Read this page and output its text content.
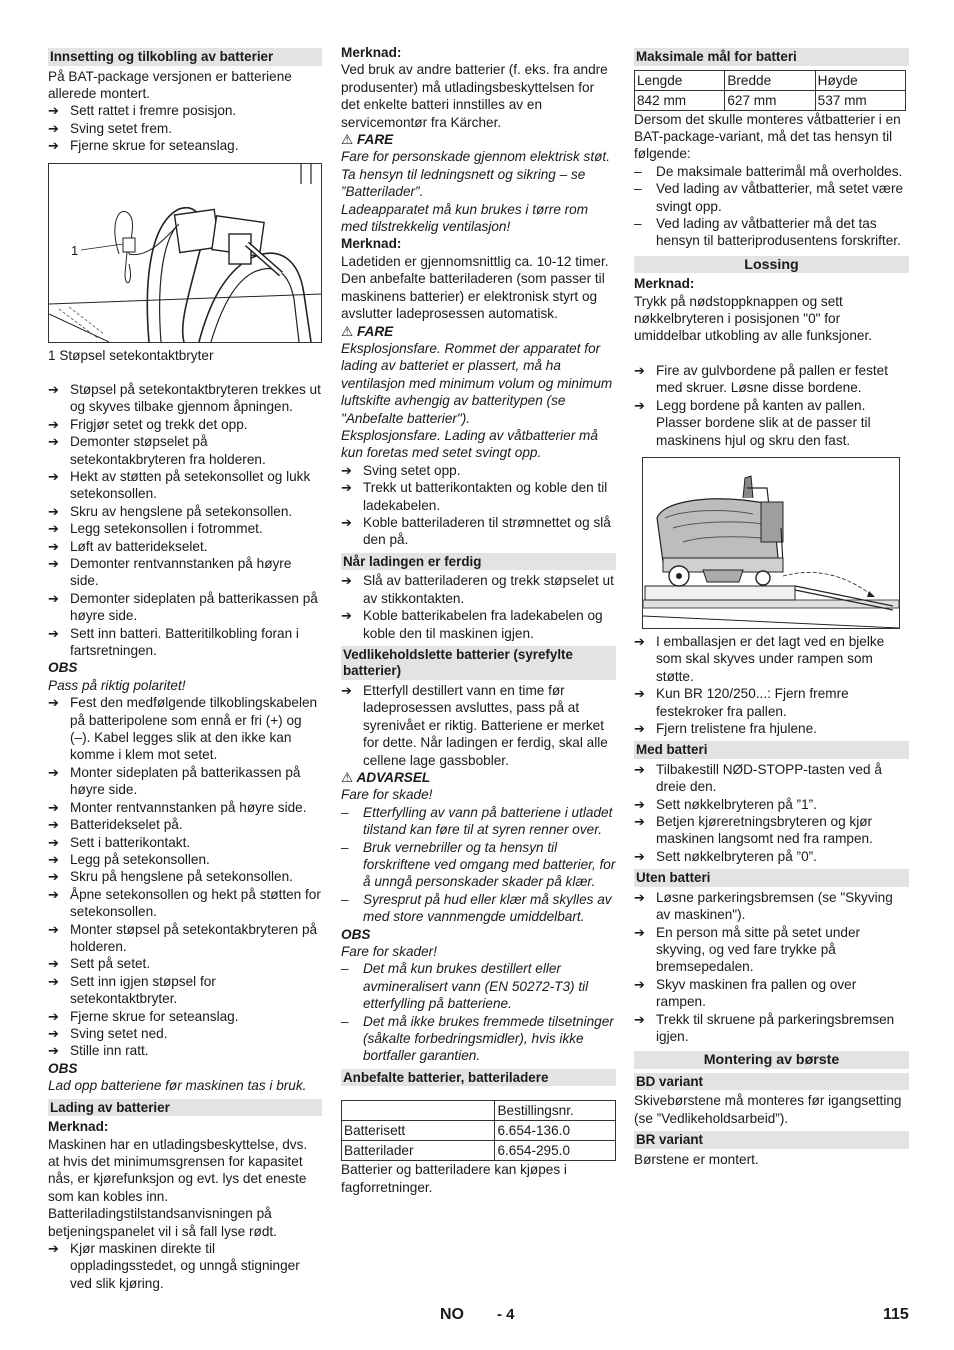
Innsetting og tilkobling av batterier

På BAT-package versjonen er batteriene allerede montert.

➔ Sett rattet i fremre posisjon.
➔ Sving setet frem.
➔ Fjerne skrue for seteanslag.
1

1 Støpsel setekontaktbryter

➔ Støpsel på setekontaktbryteren trekkes ut og skyves tilbake gjennom åpningen.
➔ Frigjør setet og trekk det opp.
➔ Demonter støpselet på setekontakbryteren fra holderen.
➔ Hekt av støtten på setekonsollet og lukk setekonsollen.
➔ Skru av hengslene på setekonsollen.
➔ Legg setekonsollen i fotrommet.
➔ Løft av batteridekselet.
➔ Demonter rentvannstanken på høyre side.
➔ Demonter sideplaten på batterikassen på høyre side.
➔ Sett inn batteri. Batteritilkobling foran i fartsretningen.
OBS

Pass på riktig polaritet!

➔ Fest den medfølgende tilkoblingskabelen på batteripolene som ennå er fri (+) og (–). Kabel legges slik at den ikke kan komme i klem mot setet.
➔ Monter sideplaten på batterikassen på høyre side.
➔ Monter rentvannstanken på høyre side.
➔ Batteridekselet på.
➔ Sett i batterikontakt.
➔ Legg på setekonsollen.
➔ Skru på hengslene på setekonsollen.
➔ Åpne setekonsollen og hekt på støtten for setekonsollen.
➔ Monter støpsel på setekontakbryteren på holderen.
➔ Sett på setet.
➔ Sett inn igjen støpsel for setekontaktbryter.
➔ Fjerne skrue for seteanslag.
➔ Sving setet ned.
➔ Stille inn ratt.
OBS

Lad opp batteriene før maskinen tas i bruk.

Lading av batterier
Merknad:

Maskinen har en utladingsbeskyttelse, dvs. at hvis det minimumsgrensen for kapasitet nås, er kjørefunksjon og evt. lys det eneste som kan kobles inn. Batteriladingstilstandsanvisningen på betjeningspanelet vil i så fall lyse rødt.

➔ Kjør maskinen direkte til oppladingsstedet, og unngå stigninger ved slik kjøring.
Merknad:

Ved bruk av andre batterier (f. eks. fra andre produsenter) må utladingsbeskyttelsen for det enkelte batteri innstilles av en servicemontør fra Kärcher.

⚠ FARE

Fare for personskade gjennom elektrisk støt. Ta hensyn til ledningsnett og sikring – se ”Batterilader”.

Ladeapparatet må kun brukes i tørre rom med tilstrekkelig ventilasjon!

Merknad:

Ladetiden er gjennomsnittlig ca. 10-12 timer.

Den anbefalte batteriladeren (som passer til maskinens batterier) er elektronisk styrt og avslutter ladeprosessen automatisk.

⚠ FARE

Eksplosjonsfare. Rommet der apparatet for lading av batteriet er plassert, må ha ventilasjon med minimum volum og minimum luftskifte avhengig av batteritypen (se "Anbefalte batterier").

Eksplosjonsfare. Lading av våtbatterier må kun foretas med setet svingt opp.

➔ Sving setet opp.
➔ Trekk ut batterikontakten og koble den til ladekabelen.
➔ Koble batteriladeren til strømnettet og slå den på.
Når ladingen er ferdig
➔ Slå av batteriladeren og trekk støpselet ut av stikkontakten.
➔ Koble batterikabelen fra ladekabelen og koble den til maskinen igjen.
Vedlikeholdslette batterier (syrefylte batterier)
➔ Etterfyll destillert vann en time før ladeprosessen avsluttes, pass på at syrenivået er riktig. Batteriene er merket for dette. Når ladingen er ferdig, skal alle cellene lage gassbobler.
⚠ ADVARSEL

Fare for skade!

– Etterfylling av vann på batteriene i utladet tilstand kan føre til at syren renner over.
– Bruk vernebriller og ta hensyn til forskriftene ved omgang med batterier, for å unngå personskader skader på klær.
– Syresprut på hud eller klær må skylles av med store vannmengde umiddelbart.
OBS

Fare for skader!

– Det må kun brukes destillert eller avmineralisert vann (EN 50272-T3) til etterfylling på batteriene.
– Det må ikke brukes fremmede tilsetninger (såkalte forbedringsmidler), hvis ikke bortfaller garantien.
Anbefalte batterier, batteriladere
	Bestillingsnr.
Batterisett	6.654-136.0
Batterilader	6.654-295.0

Batterier og batteriladere kan kjøpes i fagforretninger.

Maksimale mål for batteri
Lengde	Bredde	Høyde
842 mm	627 mm	537 mm

Dersom det skulle monteres våtbatterier i en BAT-package-variant, må det tas hensyn til følgende:

– De maksimale batterimål må overholdes.
– Ved lading av våtbatterier, må setet være svingt opp.
– Ved lading av våtbatterier må det tas hensyn til batteriprodusentens forskrifter.
Lossing
Merknad:

Trykk på nødstoppknappen og sett nøkkelbryteren i posisjonen "0" for umiddelbar utkobling av alle funksjoner.

➔ Fire av gulvbordene på pallen er festet med skruer. Løsne disse bordene.
➔ Legg bordene på kanten av pallen. Plasser bordene slik at de passer til maskinens hjul og skru den fast.
➔ I emballasjen er det lagt ved en bjelke som skal skyves under rampen som støtte.
➔ Kun BR 120/250...: Fjern fremre festekroker fra pallen.
➔ Fjern trelistene fra hjulene.
Med batteri
➔ Tilbakestill NØD-STOPP-tasten ved å dreie den.
➔ Sett nøkkelbryteren på ”1”.
➔ Betjen kjøreretningsbryteren og kjør maskinen langsomt ned fra rampen.
➔ Sett nøkkelbryteren på ”0”.
Uten batteri
➔ Løsne parkeringsbremsen (se "Skyving av maskinen").
➔ En person må sitte på setet under skyving, og ved fare trykke på bremsepedalen.
➔ Skyv maskinen fra pallen og over rampen.
➔ Trekk til skruene på parkeringsbremsen igjen.
Montering av børste
BD variant

Skivebørstene må monteres før igangsetting (se ”Vedlikeholdsarbeid”).

BR variant

Børstene er montert.

NO - 4	115
